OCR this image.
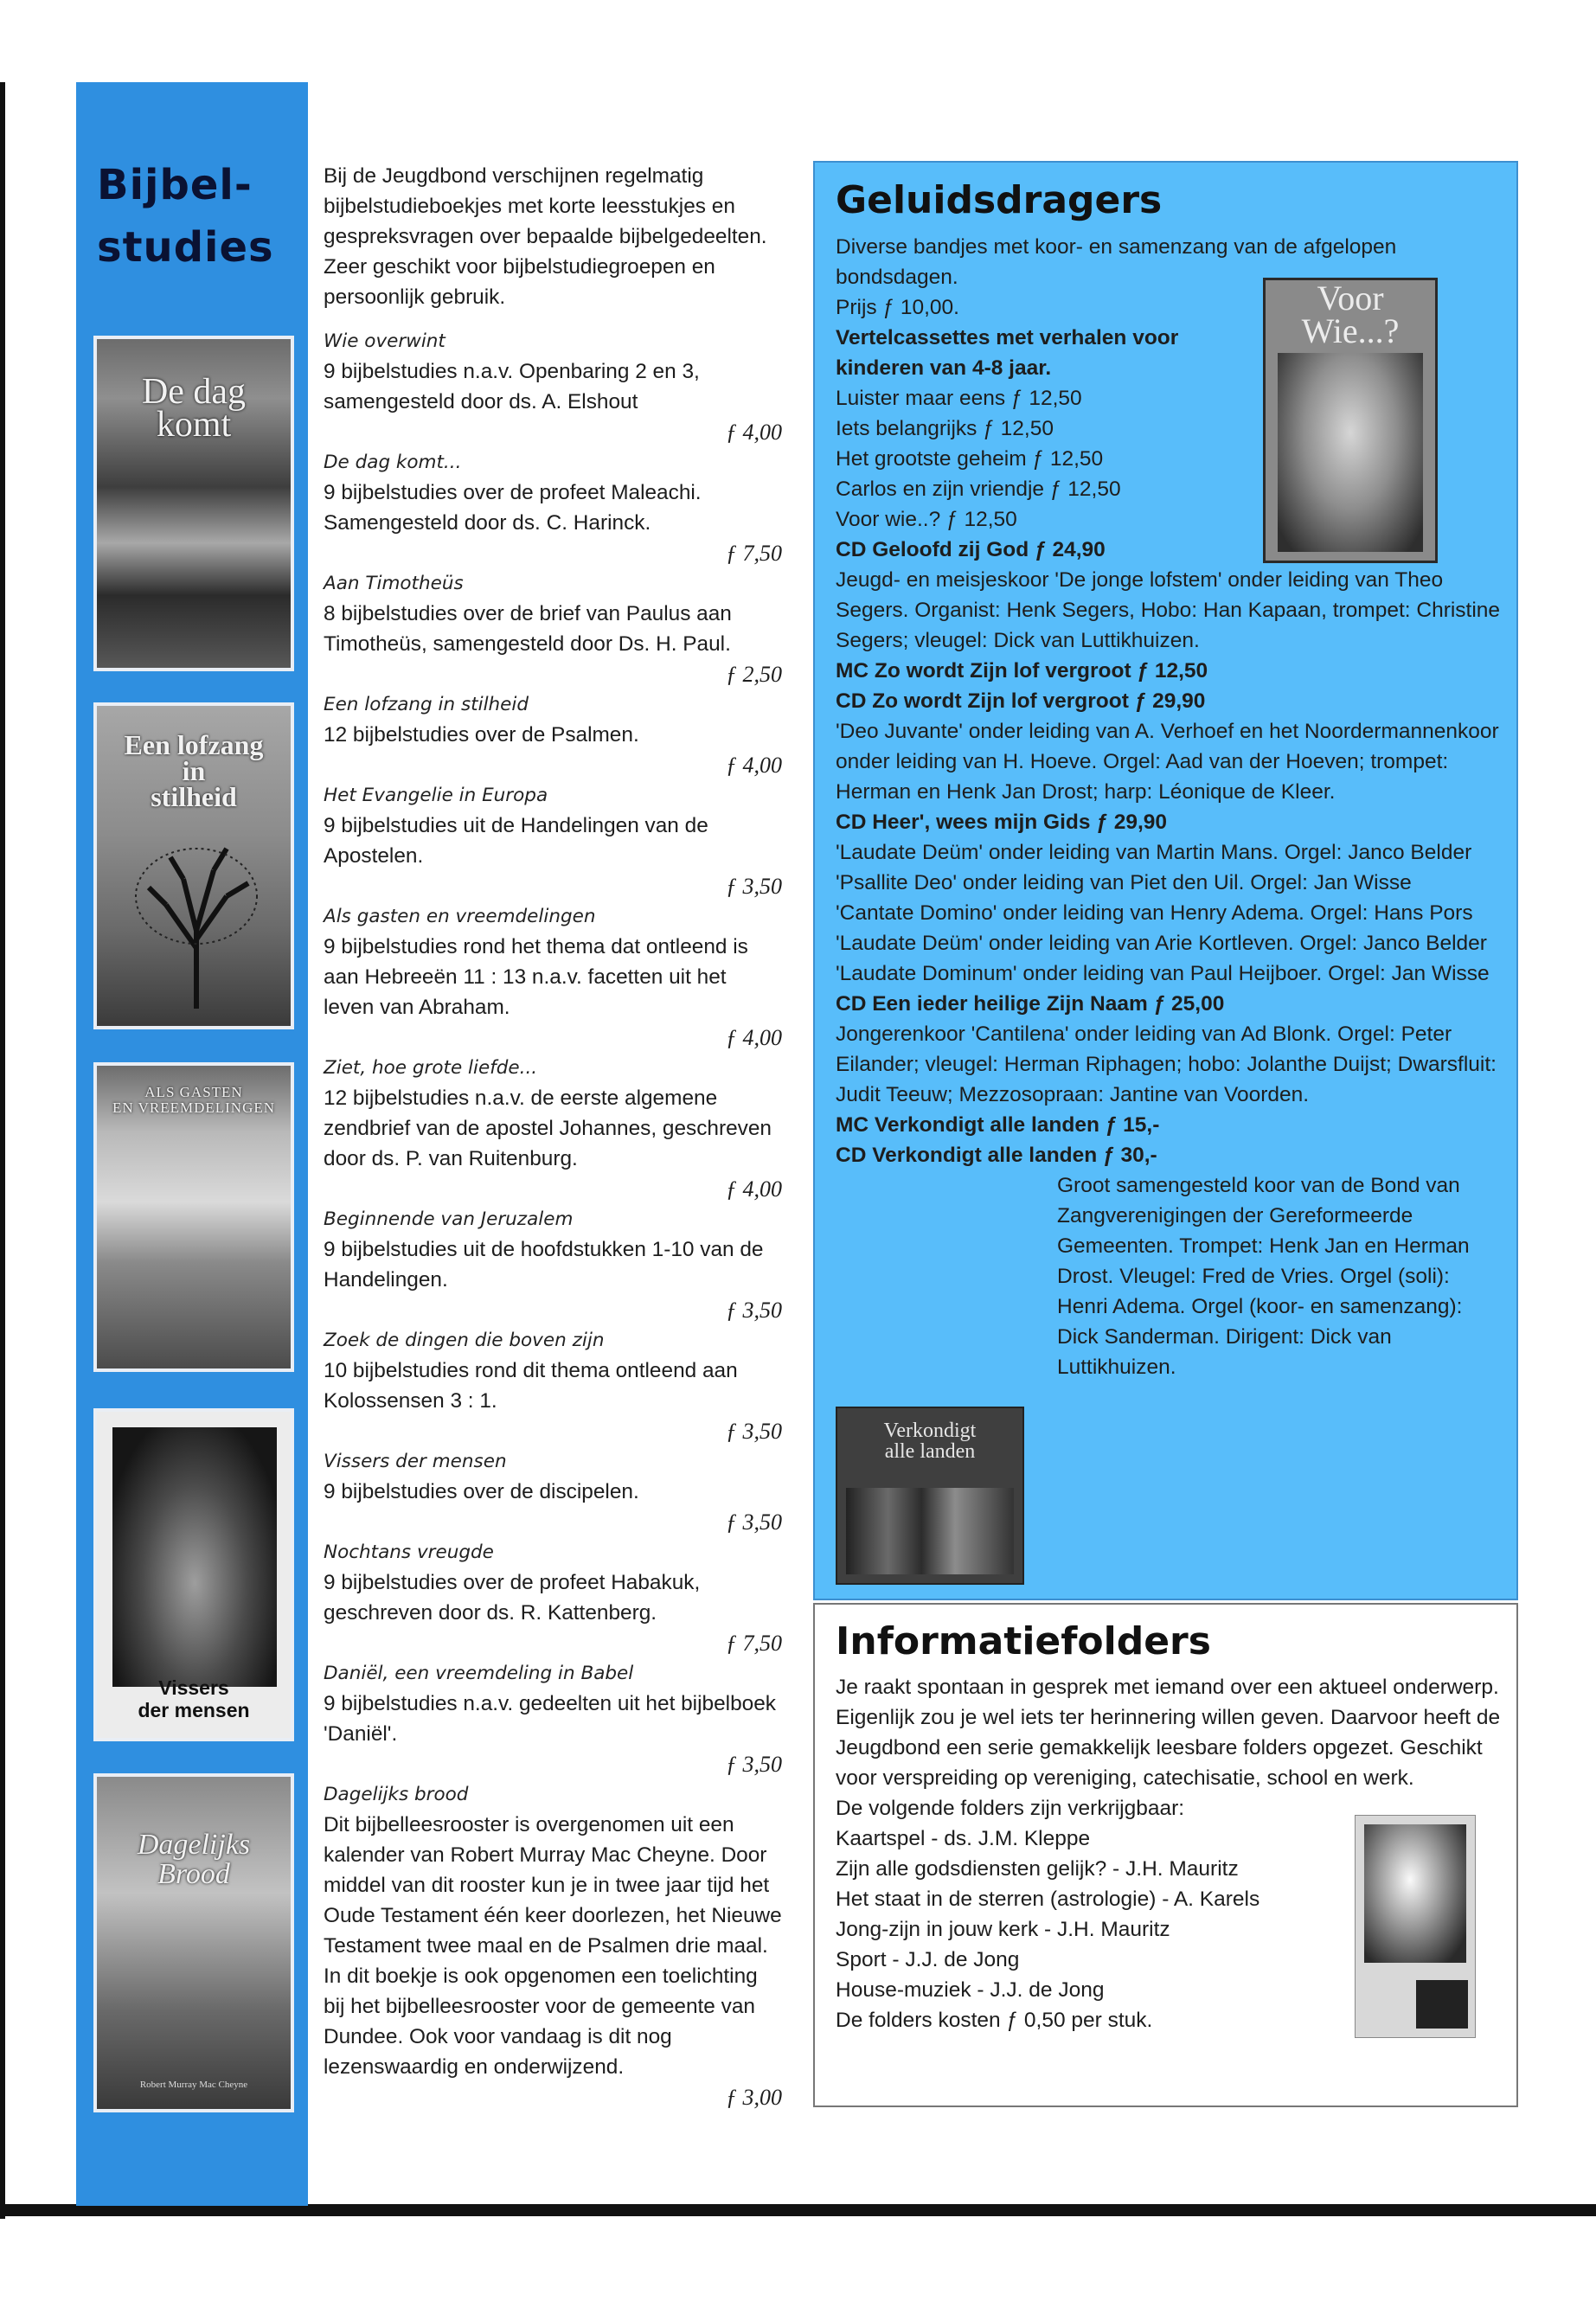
Bijbel-
studies
De dag
komt
Een lofzang
in
stilheid
ALS GASTEN
EN VREEMDELINGEN
Vissers
der mensen
Dagelijks
Brood
Robert Murray Mac Cheyne

Bij de Jeugdbond verschijnen regelmatig bijbelstudieboekjes met korte leesstukjes en gespreksvragen over bepaalde bijbelgedeelten. Zeer geschikt voor bijbelstudiegroepen en persoonlijk gebruik.

Wie overwint

9 bijbelstudies n.a.v. Openbaring 2 en 3, samengesteld door ds. A. Elshout

ƒ 4,00

De dag komt...

9 bijbelstudies over de profeet Maleachi. Samengesteld door ds. C. Harinck.

ƒ 7,50

Aan Timotheüs

8 bijbelstudies over de brief van Paulus aan Timotheüs, samengesteld door Ds. H. Paul.

ƒ 2,50

Een lofzang in stilheid

12 bijbelstudies over de Psalmen.

ƒ 4,00

Het Evangelie in Europa

9 bijbelstudies uit de Handelingen van de Apostelen.

ƒ 3,50

Als gasten en vreemdelingen

9 bijbelstudies rond het thema dat ontleend is aan Hebreeën 11 : 13 n.a.v. facetten uit het leven van Abraham.

ƒ 4,00

Ziet, hoe grote liefde...

12 bijbelstudies n.a.v. de eerste algemene zendbrief van de apostel Johannes, geschreven door ds. P. van Ruitenburg.

ƒ 4,00

Beginnende van Jeruzalem

9 bijbelstudies uit de hoofdstukken 1-10 van de Handelingen.

ƒ 3,50

Zoek de dingen die boven zijn

10 bijbelstudies rond dit thema ontleend aan Kolossensen 3 : 1.

ƒ 3,50

Vissers der mensen

9 bijbelstudies over de discipelen.

ƒ 3,50

Nochtans vreugde

9 bijbelstudies over de profeet Habakuk, geschreven door ds. R. Kattenberg.

ƒ 7,50

Daniël, een vreemdeling in Babel

9 bijbelstudies n.a.v. gedeelten uit het bijbelboek 'Daniël'.

ƒ 3,50

Dagelijks brood

Dit bijbelleesrooster is overgenomen uit een kalender van Robert Murray Mac Cheyne. Door middel van dit rooster kun je in twee jaar tijd het Oude Testament één keer doorlezen, het Nieuwe Testament twee maal en de Psalmen drie maal. In dit boekje is ook opgenomen een toelichting bij het bijbelleesrooster voor de gemeente van Dundee. Ook voor vandaag is dit nog lezenswaardig en onderwijzend.

ƒ 3,00

Voor
Wie...?
Verkondigt
alle landen
Geluidsdragers

Diverse bandjes met koor- en samenzang van de afgelopen bondsdagen.

Prijs ƒ 10,00.

Vertelcassettes met verhalen voor kinderen van 4-8 jaar.

Luister maar eens ƒ 12,50

Iets belangrijks ƒ 12,50

Het grootste geheim ƒ 12,50

Carlos en zijn vriendje ƒ 12,50

Voor wie..? ƒ 12,50

CD Geloofd zij God ƒ 24,90

Jeugd- en meisjeskoor 'De jonge lofstem' onder leiding van Theo Segers. Organist: Henk Segers, Hobo: Han Kapaan, trompet: Christine Segers; vleugel: Dick van Luttikhuizen.

MC Zo wordt Zijn lof vergroot ƒ 12,50

CD Zo wordt Zijn lof vergroot ƒ 29,90

'Deo Juvante' onder leiding van A. Verhoef en het Noordermannenkoor onder leiding van H. Hoeve. Orgel: Aad van der Hoeven; trompet: Herman en Henk Jan Drost; harp: Léonique de Kleer.

CD Heer', wees mijn Gids ƒ 29,90

'Laudate Deüm' onder leiding van Martin Mans. Orgel: Janco Belder

'Psallite Deo' onder leiding van Piet den Uil. Orgel: Jan Wisse

'Cantate Domino' onder leiding van Henry Adema. Orgel: Hans Pors

'Laudate Deüm' onder leiding van Arie Kortleven. Orgel: Janco Belder

'Laudate Dominum' onder leiding van Paul Heijboer. Orgel: Jan Wisse

CD Een ieder heilige Zijn Naam ƒ 25,00

Jongerenkoor 'Cantilena' onder leiding van Ad Blonk. Orgel: Peter Eilander; vleugel: Herman Riphagen; hobo: Jolanthe Duijst; Dwarsfluit: Judit Teeuw; Mezzosopraan: Jantine van Voorden.

MC Verkondigt alle landen ƒ 15,-

CD Verkondigt alle landen ƒ 30,-

Groot samengesteld koor van de Bond van Zangverenigingen der Gereformeerde Gemeenten. Trompet: Henk Jan en Herman Drost. Vleugel: Fred de Vries. Orgel (soli): Henri Adema. Orgel (koor- en samenzang): Dick Sanderman. Dirigent: Dick van Luttikhuizen.

Informatiefolders

Je raakt spontaan in gesprek met iemand over een aktueel onderwerp. Eigenlijk zou je wel iets ter herinnering willen geven. Daarvoor heeft de Jeugdbond een serie gemakkelijk leesbare folders opgezet. Geschikt voor verspreiding op vereniging, catechisatie, school en werk.

De volgende folders zijn verkrijgbaar:

Kaartspel - ds. J.M. Kleppe

Zijn alle godsdiensten gelijk? - J.H. Mauritz

Het staat in de sterren (astrologie) - A. Karels

Jong-zijn in jouw kerk - J.H. Mauritz

Sport - J.J. de Jong

House-muziek - J.J. de Jong

De folders kosten ƒ 0,50 per stuk.
